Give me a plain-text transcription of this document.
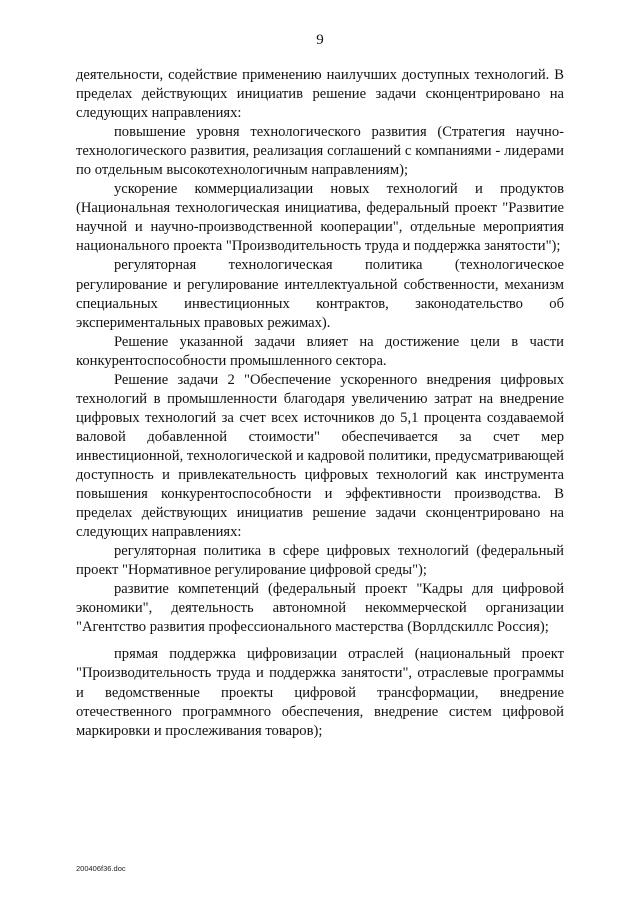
9

деятельности, содействие применению наилучших доступных технологий. В пределах действующих инициатив решение задачи сконцентрировано на следующих направлениях:

повышение уровня технологического развития (Стратегия научно-технологического развития, реализация соглашений с компаниями - лидерами по отдельным высокотехнологичным направлениям);

ускорение коммерциализации новых технологий и продуктов (Национальная технологическая инициатива, федеральный проект "Развитие научной и научно-производственной кооперации", отдельные мероприятия национального проекта "Производительность труда и поддержка занятости");

регуляторная технологическая политика (технологическое регулирование и регулирование интеллектуальной собственности, механизм специальных инвестиционных контрактов, законодательство об экспериментальных правовых режимах).

Решение указанной задачи влияет на достижение цели в части конкурентоспособности промышленного сектора.

Решение задачи 2 "Обеспечение ускоренного внедрения цифровых технологий в промышленности благодаря увеличению затрат на внедрение цифровых технологий за счет всех источников до 5,1 процента создаваемой валовой добавленной стоимости" обеспечивается за счет мер инвестиционной, технологической и кадровой политики, предусматривающей доступность и привлекательность цифровых технологий как инструмента повышения конкурентоспособности и эффективности производства. В пределах действующих инициатив решение задачи сконцентрировано на следующих направлениях:

регуляторная политика в сфере цифровых технологий (федеральный проект "Нормативное регулирование цифровой среды");

развитие компетенций (федеральный проект "Кадры для цифровой экономики", деятельность автономной некоммерческой организации "Агентство развития профессионального мастерства (Ворлдскиллс Россия);

прямая поддержка цифровизации отраслей (национальный проект "Производительность труда и поддержка занятости", отраслевые программы и ведомственные проекты цифровой трансформации, внедрение отечественного программного обеспечения, внедрение систем цифровой маркировки и прослеживания товаров);

200406f36.doc
